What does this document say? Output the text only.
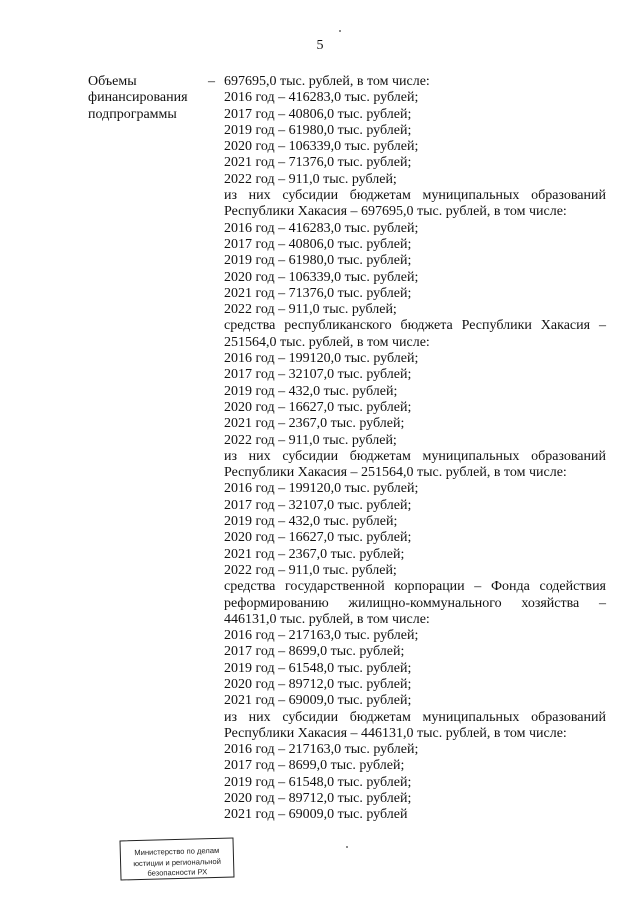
5
Объемы
финансирования
подпрограммы
– 697695,0 тыс. рублей, в том числе:
2016 год – 416283,0 тыс. рублей;
2017 год – 40806,0 тыс. рублей;
2019 год – 61980,0 тыс. рублей;
2020 год – 106339,0 тыс. рублей;
2021 год – 71376,0 тыс. рублей;
2022 год – 911,0 тыс. рублей;
из них субсидии бюджетам муниципальных образований
Республики Хакасия – 697695,0 тыс. рублей, в том числе:
2016 год – 416283,0 тыс. рублей;
2017 год – 40806,0 тыс. рублей;
2019 год – 61980,0 тыс. рублей;
2020 год – 106339,0 тыс. рублей;
2021 год – 71376,0 тыс. рублей;
2022 год – 911,0 тыс. рублей;
средства республиканского бюджета Республики Хакасия –
251564,0 тыс. рублей, в том числе:
2016 год – 199120,0 тыс. рублей;
2017 год – 32107,0 тыс. рублей;
2019 год – 432,0 тыс. рублей;
2020 год – 16627,0 тыс. рублей;
2021 год – 2367,0 тыс. рублей;
2022 год – 911,0 тыс. рублей;
из них субсидии бюджетам муниципальных образований
Республики Хакасия – 251564,0 тыс. рублей, в том числе:
2016 год – 199120,0 тыс. рублей;
2017 год – 32107,0 тыс. рублей;
2019 год – 432,0 тыс. рублей;
2020 год – 16627,0 тыс. рублей;
2021 год – 2367,0 тыс. рублей;
2022 год – 911,0 тыс. рублей;
средства государственной корпорации – Фонда содействия
реформированию жилищно-коммунального хозяйства –
446131,0 тыс. рублей, в том числе:
2016 год – 217163,0 тыс. рублей;
2017 год – 8699,0 тыс. рублей;
2019 год – 61548,0 тыс. рублей;
2020 год – 89712,0 тыс. рублей;
2021 год – 69009,0 тыс. рублей;
из них субсидии бюджетам муниципальных образований
Республики Хакасия – 446131,0 тыс. рублей, в том числе:
2016 год – 217163,0 тыс. рублей;
2017 год – 8699,0 тыс. рублей;
2019 год – 61548,0 тыс. рублей;
2020 год – 89712,0 тыс. рублей;
2021 год – 69009,0 тыс. рублей
Министерство по делам
юстиции и региональной
безопасности РХ
